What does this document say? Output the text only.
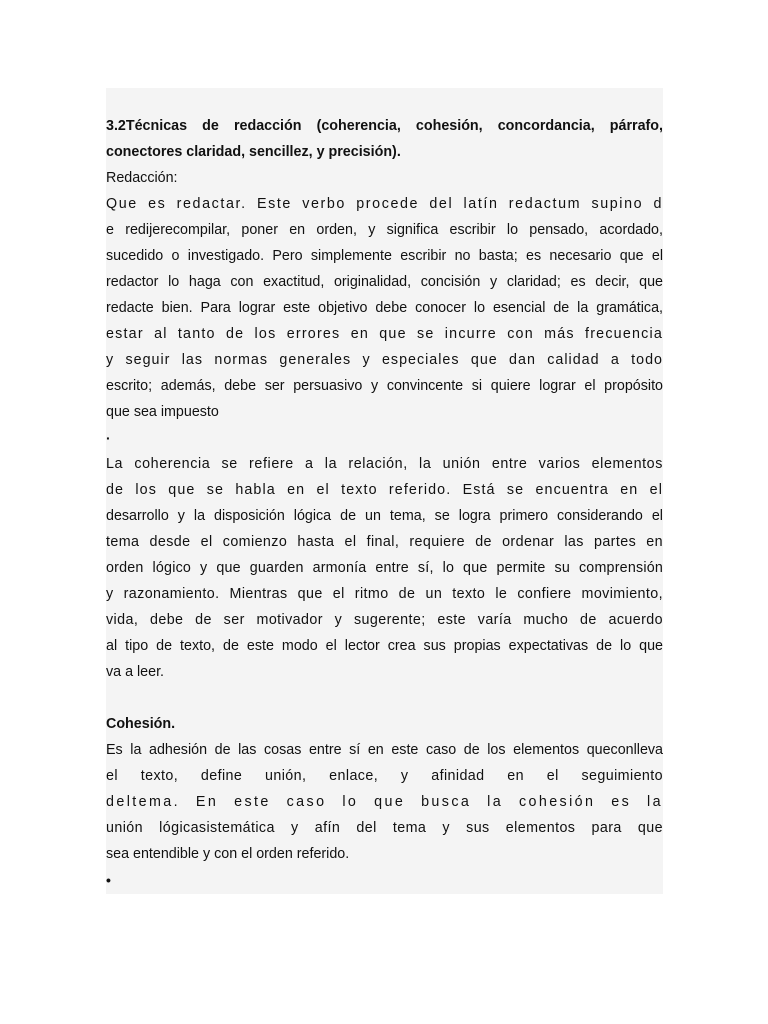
3.2Técnicas de redacción (coherencia, cohesión, concordancia, párrafo,
conectores claridad, sencillez, y precisión).
Redacción:
Que es redactar. Este verbo procede del latín redactum supino d
e redijerecompilar, poner en orden, y significa escribir lo pensado, acordado,
sucedido o investigado. Pero simplemente escribir no basta; es necesario que el
redactor lo haga con exactitud, originalidad, concisión y claridad; es decir, que
redacte bien. Para lograr este objetivo debe conocer lo esencial de la gramática,
estar al tanto de los errores en que se incurre con más frecuencia
y seguir las normas generales y especiales que dan calidad a todo
escrito; además, debe ser persuasivo y convincente si quiere lograr el propósito
que sea impuesto
·
La coherencia se refiere a la relación, la unión entre varios elementos
de los que se habla en el texto referido. Está se encuentra en el
desarrollo y la disposición lógica de un tema, se logra primero considerando el
tema desde el comienzo hasta el final, requiere de ordenar las partes en
orden lógico y que guarden armonía entre sí, lo que permite su comprensión
y razonamiento. Mientras que el ritmo de un texto le confiere movimiento,
vida, debe de ser motivador y sugerente; este varía mucho de acuerdo
al tipo de texto, de este modo el lector crea sus propias expectativas de lo que
va a leer.
Cohesión.
Es la adhesión de las cosas entre sí en este caso de los elementos queconlleva
el texto, define unión, enlace, y afinidad en el seguimiento
deltema. En este caso lo que busca la cohesión es la
unión lógicasistemática y afín del tema y sus elementos para que
sea entendible y con el orden referido.
•
